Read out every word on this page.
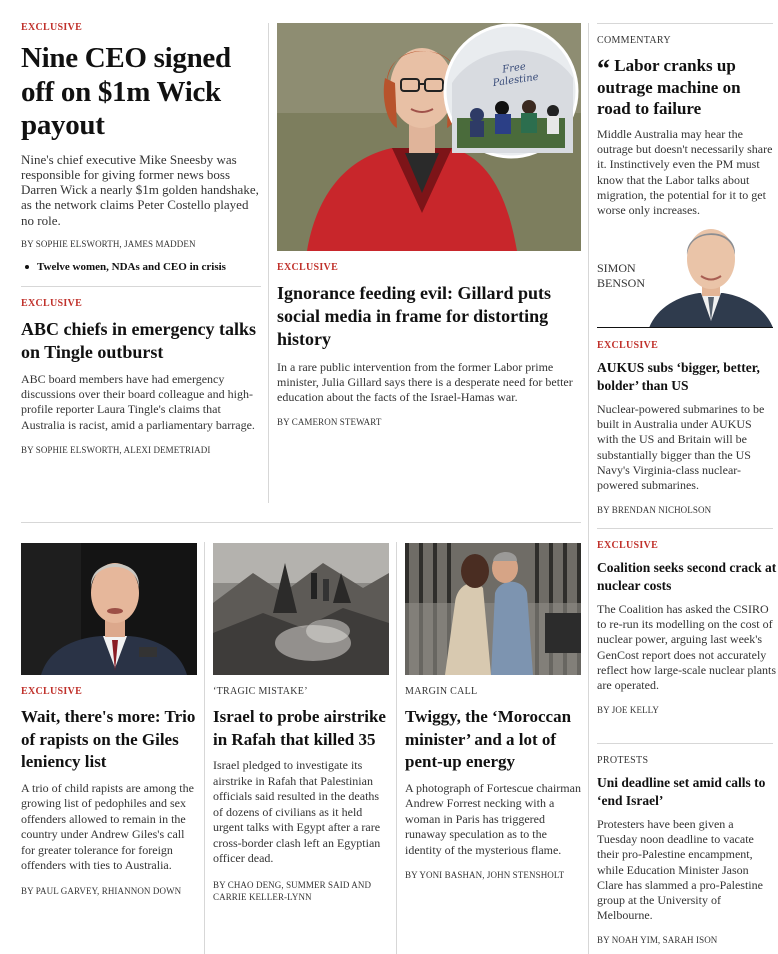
EXCLUSIVE
Nine CEO signed off on $1m Wick payout
Nine's chief executive Mike Sneesby was responsible for giving former news boss Darren Wick a nearly $1m golden handshake, as the network claims Peter Costello played no role.
BY SOPHIE ELSWORTH, JAMES MADDEN
Twelve women, NDAs and CEO in crisis
EXCLUSIVE
ABC chiefs in emergency talks on Tingle outburst
ABC board members have had emergency discussions over their board colleague and high-profile reporter Laura Tingle's claims that Australia is racist, amid a parliamentary barrage.
BY SOPHIE ELSWORTH, ALEXI DEMETRIADI
Free Palestine
EXCLUSIVE
Ignorance feeding evil: Gillard puts social media in frame for distorting history
In a rare public intervention from the former Labor prime minister, Julia Gillard says there is a desperate need for better education about the facts of the Israel-Hamas war.
BY CAMERON STEWART
COMMENTARY
“ Labor cranks up outrage machine on road to failure
Middle Australia may hear the outrage but doesn't necessarily share it. Instinctively even the PM must know that the Labor talks about migration, the potential for it to get worse only increases.
SIMON
BENSON
EXCLUSIVE
AUKUS subs ‘bigger, better, bolder’ than US
Nuclear-powered submarines to be built in Australia under AUKUS with the US and Britain will be substantially bigger than the US Navy's Virginia-class nuclear-powered submarines.
BY BRENDAN NICHOLSON
EXCLUSIVE
Coalition seeks second crack at nuclear costs
The Coalition has asked the CSIRO to re-run its modelling on the cost of nuclear power, arguing last week's GenCost report does not accurately reflect how large-scale nuclear plants are operated.
BY JOE KELLY
PROTESTS
Uni deadline set amid calls to ‘end Israel’
Protesters have been given a Tuesday noon deadline to vacate their pro-Palestine encampment, while Education Minister Jason Clare has slammed a pro-Palestine group at the University of Melbourne.
BY NOAH YIM, SARAH ISON
EXCLUSIVE
Wait, there's more: Trio of rapists on the Giles leniency list
A trio of child rapists are among the growing list of pedophiles and sex offenders allowed to remain in the country under Andrew Giles's call for greater tolerance for foreign offenders with ties to Australia.
BY PAUL GARVEY, RHIANNON DOWN
‘TRAGIC MISTAKE’
Israel to probe airstrike in Rafah that killed 35
Israel pledged to investigate its airstrike in Rafah that Palestinian officials said resulted in the deaths of dozens of civilians as it held urgent talks with Egypt after a rare cross-border clash left an Egyptian officer dead.
BY CHAO DENG, SUMMER SAID AND CARRIE KELLER-LYNN
MARGIN CALL
Twiggy, the ‘Moroccan minister’ and a lot of pent-up energy
A photograph of Fortescue chairman Andrew Forrest necking with a woman in Paris has triggered runaway speculation as to the identity of the mysterious flame.
BY YONI BASHAN, JOHN STENSHOLT
